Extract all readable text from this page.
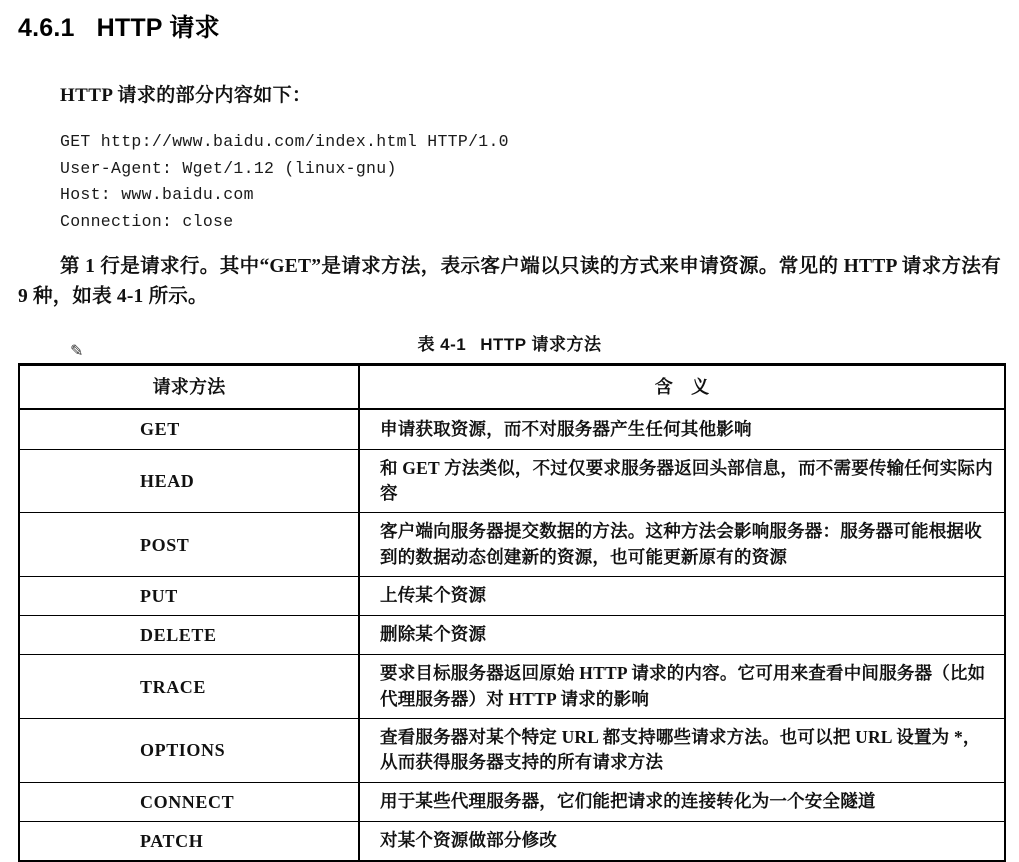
4.6.1 HTTP 请求

HTTP 请求的部分内容如下：

GET http://www.baidu.com/index.html HTTP/1.0
User-Agent: Wget/1.12 (linux-gnu)
Host: www.baidu.com
Connection: close

第 1 行是请求行。其中“GET”是请求方法，表示客户端以只读的方式来申请资源。常见的 HTTP 请求方法有 9 种，如表 4-1 所示。

表 4-1 HTTP 请求方法
请求方法	含　义
GET	申请获取资源，而不对服务器产生任何其他影响
HEAD	和 GET 方法类似，不过仅要求服务器返回头部信息，而不需要传输任何实际内容
POST	客户端向服务器提交数据的方法。这种方法会影响服务器：服务器可能根据收到的数据动态创建新的资源，也可能更新原有的资源
PUT	上传某个资源
DELETE	删除某个资源
TRACE	要求目标服务器返回原始 HTTP 请求的内容。它可用来查看中间服务器（比如代理服务器）对 HTTP 请求的影响
OPTIONS	查看服务器对某个特定 URL 都支持哪些请求方法。也可以把 URL 设置为 *，从而获得服务器支持的所有请求方法
CONNECT	用于某些代理服务器，它们能把请求的连接转化为一个安全隧道
PATCH	对某个资源做部分修改
✎
